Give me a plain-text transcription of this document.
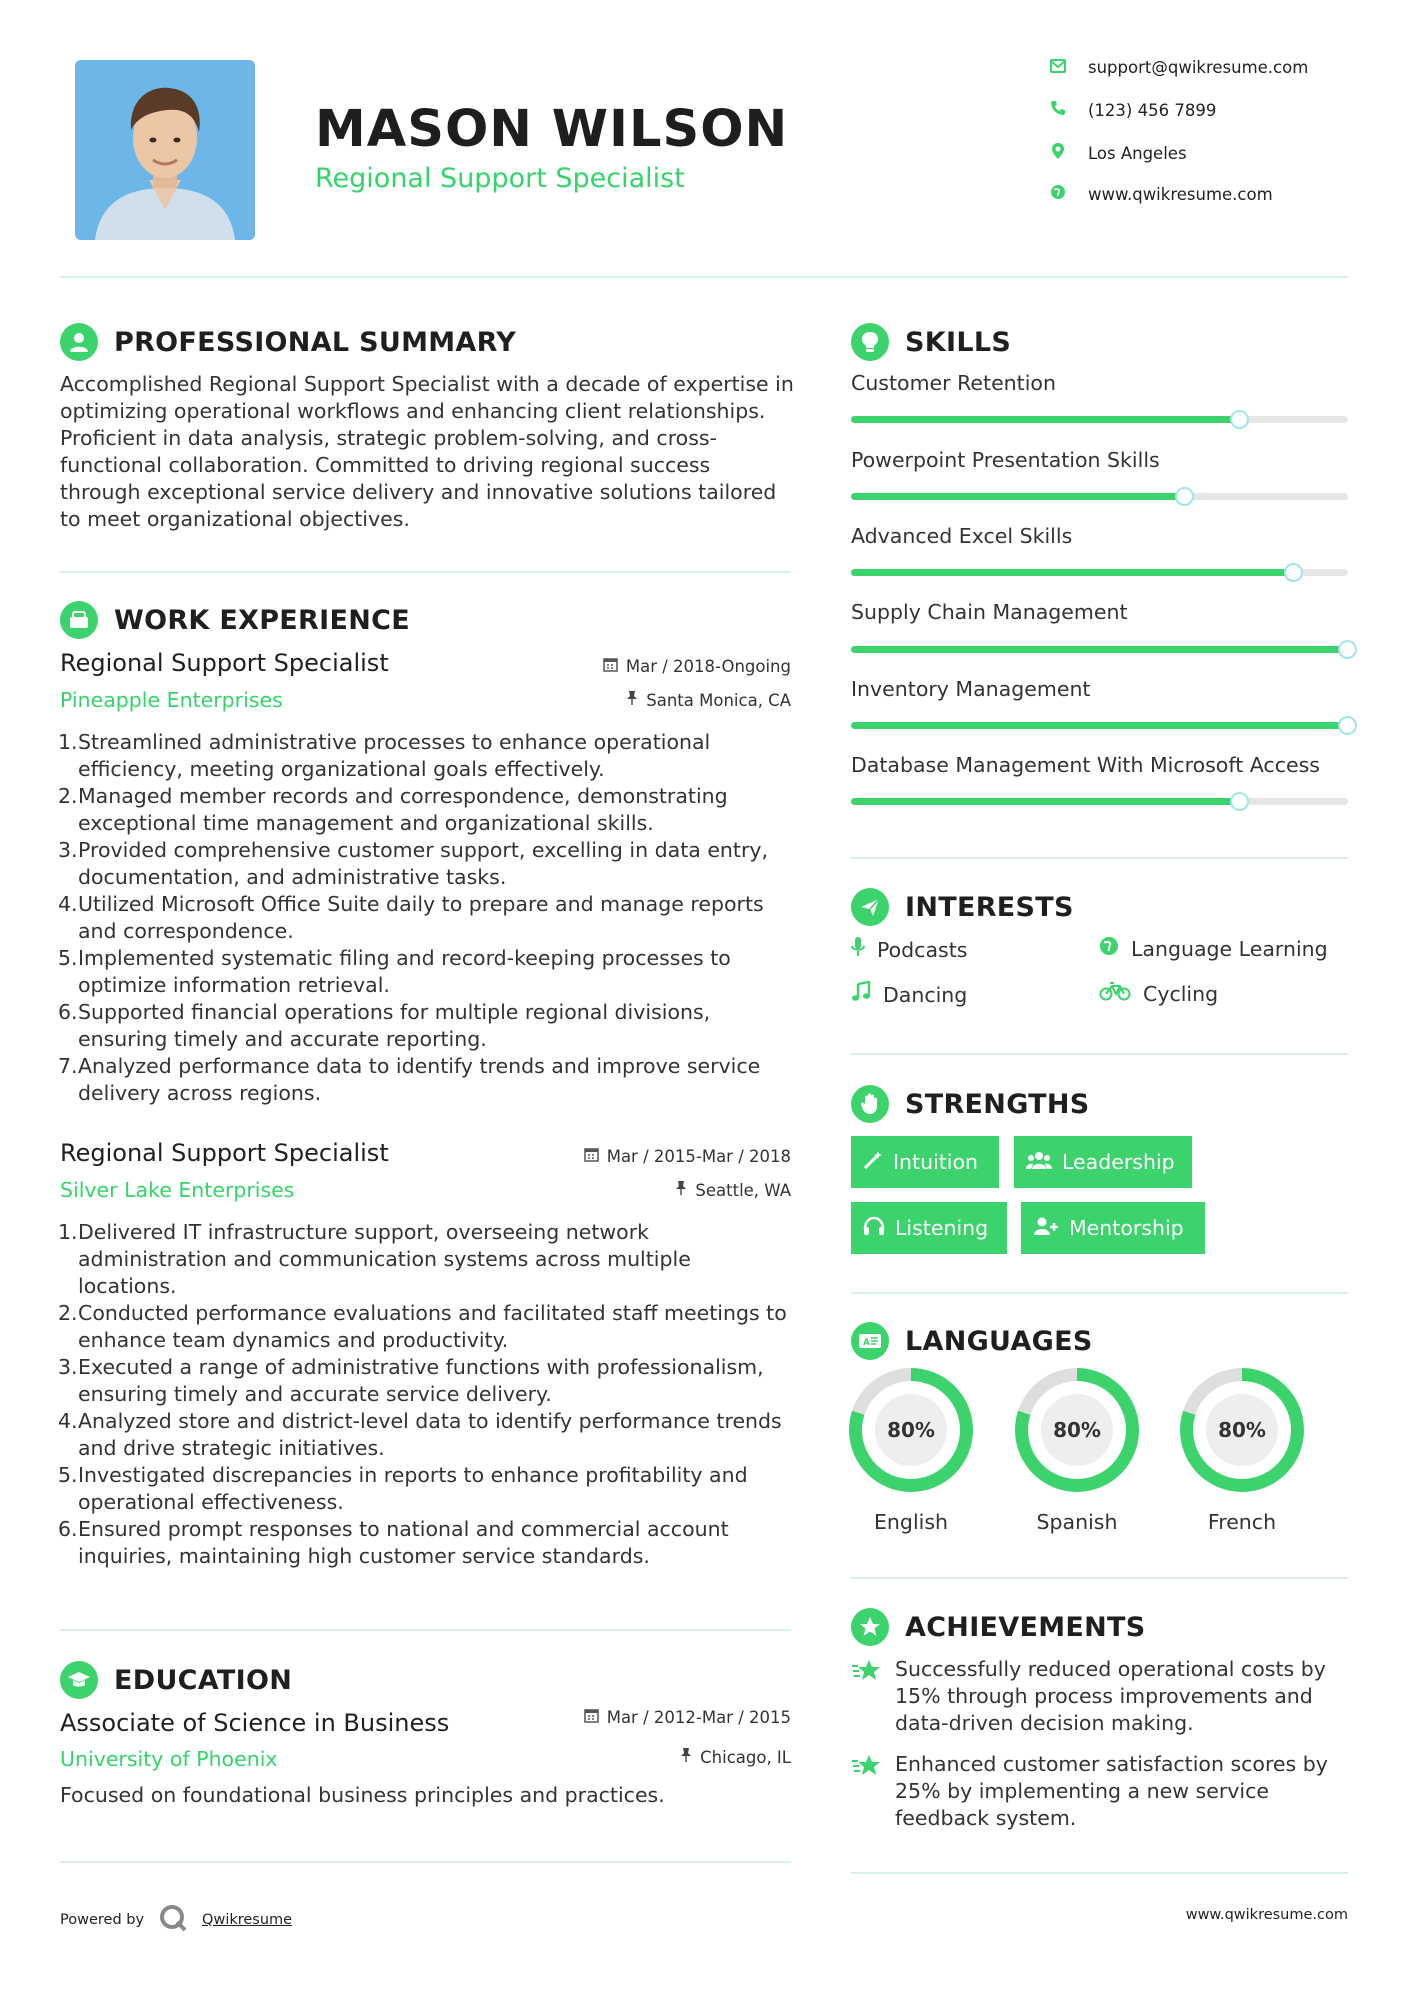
MASON WILSON
Regional Support Specialist
support@qwikresume.com
(123) 456 7899
Los Angeles
www.qwikresume.com
PROFESSIONAL SUMMARY
Accomplished Regional Support Specialist with a decade of expertise in optimizing operational workflows and enhancing client relationships. Proficient in data analysis, strategic problem-solving, and cross-functional collaboration. Committed to driving regional success through exceptional service delivery and innovative solutions tailored to meet organizational objectives.
WORK EXPERIENCE
Regional Support Specialist
Pineapple Enterprises
Mar / 2018-Ongoing
Santa Monica, CA
1. Streamlined administrative processes to enhance operational efficiency, meeting organizational goals effectively.
2. Managed member records and correspondence, demonstrating exceptional time management and organizational skills.
3. Provided comprehensive customer support, excelling in data entry, documentation, and administrative tasks.
4. Utilized Microsoft Office Suite daily to prepare and manage reports and correspondence.
5. Implemented systematic filing and record-keeping processes to optimize information retrieval.
6. Supported financial operations for multiple regional divisions, ensuring timely and accurate reporting.
7. Analyzed performance data to identify trends and improve service delivery across regions.
Regional Support Specialist
Silver Lake Enterprises
Mar / 2015-Mar / 2018
Seattle, WA
1. Delivered IT infrastructure support, overseeing network administration and communication systems across multiple locations.
2. Conducted performance evaluations and facilitated staff meetings to enhance team dynamics and productivity.
3. Executed a range of administrative functions with professionalism, ensuring timely and accurate service delivery.
4. Analyzed store and district-level data to identify performance trends and drive strategic initiatives.
5. Investigated discrepancies in reports to enhance profitability and operational effectiveness.
6. Ensured prompt responses to national and commercial account inquiries, maintaining high customer service standards.
EDUCATION
Associate of Science in Business
University of Phoenix
Mar / 2012-Mar / 2015
Chicago, IL
Focused on foundational business principles and practices.
SKILLS
Customer Retention
Powerpoint Presentation Skills
Advanced Excel Skills
Supply Chain Management
Inventory Management
Database Management With Microsoft Access
INTERESTS
Podcasts	Language Learning
Dancing	Cycling
STRENGTHS
Intuition	Leadership
Listening	Mentorship
A LANGUAGES
80%
English
80%
Spanish
80%
French
ACHIEVEMENTS
Successfully reduced operational costs by 15% through process improvements and data-driven decision making.
Enhanced customer satisfaction scores by 25% by implementing a new service feedback system.
Powered by	Qwikresume	www.qwikresume.com
